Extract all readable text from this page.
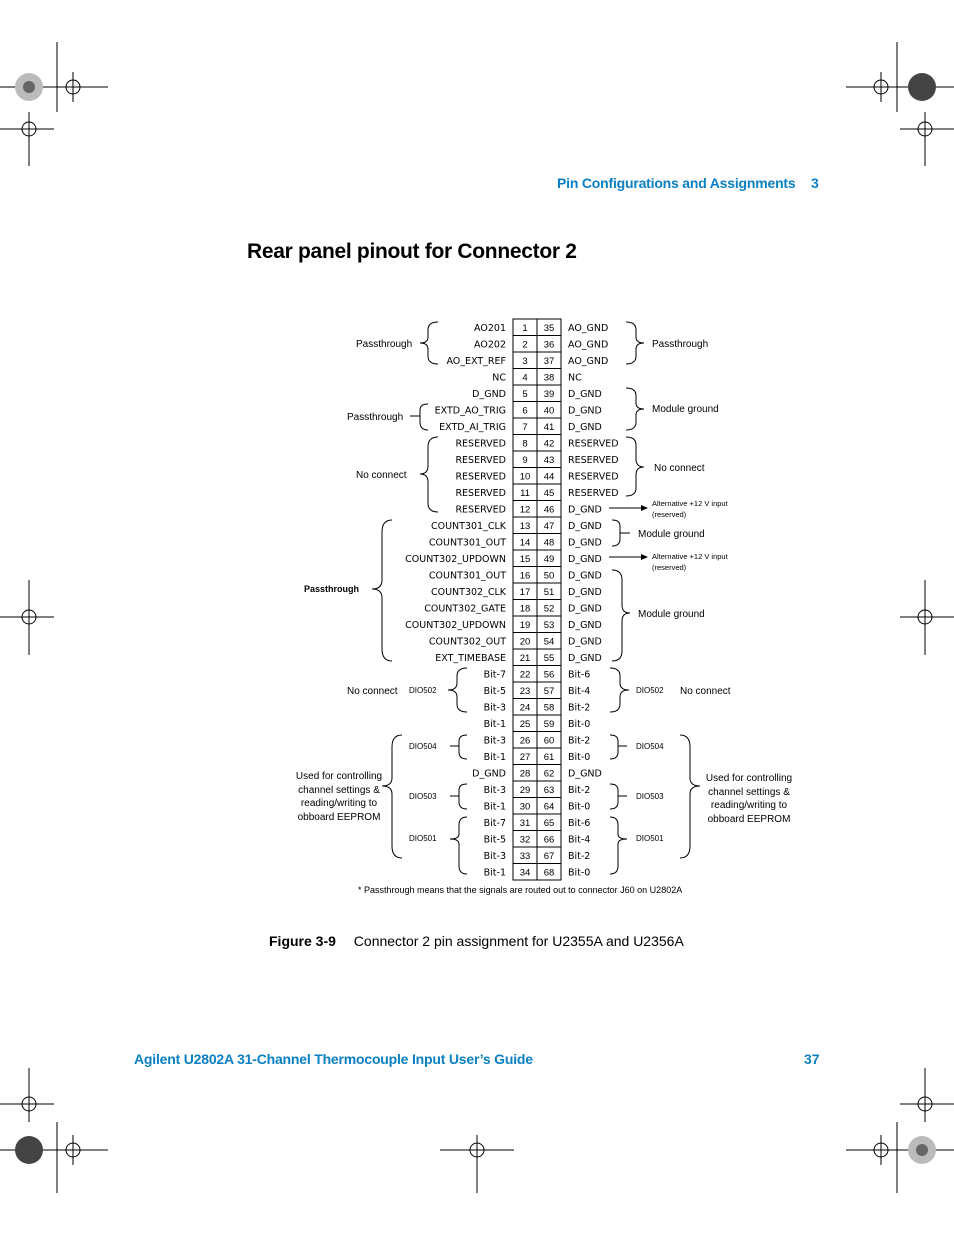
Pin Configurations and Assignments 3
Rear panel pinout for Connector 2
AO201 1 35 AO_GND
AO202 2 36 AO_GND
AO_EXT_REF 3 37 AO_GND
NC 4 38 NC
D_GND 5 39 D_GND
EXTD_AO_TRIG 6 40 D_GND
EXTD_AI_TRIG 7 41 D_GND
RESERVED 8 42 RESERVED
RESERVED 9 43 RESERVED
RESERVED 10 44 RESERVED
RESERVED 11 45 RESERVED
RESERVED 12 46 D_GND
COUNT301_CLK 13 47 D_GND
COUNT301_OUT 14 48 D_GND
COUNT302_UPDOWN 15 49 D_GND
COUNT301_OUT 16 50 D_GND
COUNT302_CLK 17 51 D_GND
COUNT302_GATE 18 52 D_GND
COUNT302_UPDOWN 19 53 D_GND
COUNT302_OUT 20 54 D_GND
EXT_TIMEBASE 21 55 D_GND
Bit-7 22 56 Bit-6
Bit-5 23 57 Bit-4
Bit-3 24 58 Bit-2
Bit-1 25 59 Bit-0
Bit-3 26 60 Bit-2
Bit-1 27 61 Bit-0
D_GND 28 62 D_GND
Bit-3 29 63 Bit-2
Bit-1 30 64 Bit-0
Bit-7 31 65 Bit-6
Bit-5 32 66 Bit-4
Bit-3 33 67 Bit-2
Bit-1 34 68 Bit-0
Passthrough
Passthrough
No connect
Passthrough
No connect
Passthrough
Module ground
No connect
Module ground
Module ground
No connect
Used for controlling
channel settings &
reading/writing to
obboard EEPROM
Used for controlling
channel settings &
reading/writing to
obboard EEPROM
DIO502
DIO504
DIO503
DIO501
DIO502
DIO504
DIO503
DIO501
Alternative +12 V input
(reserved)
Alternative +12 V input
(reserved)
* Passthrough means that the signals are routed out to connector J60 on U2802A
Figure 3-9 Connector 2 pin assignment for U2355A and U2356A
Agilent U2802A 31-Channel Thermocouple Input User’s Guide	37
